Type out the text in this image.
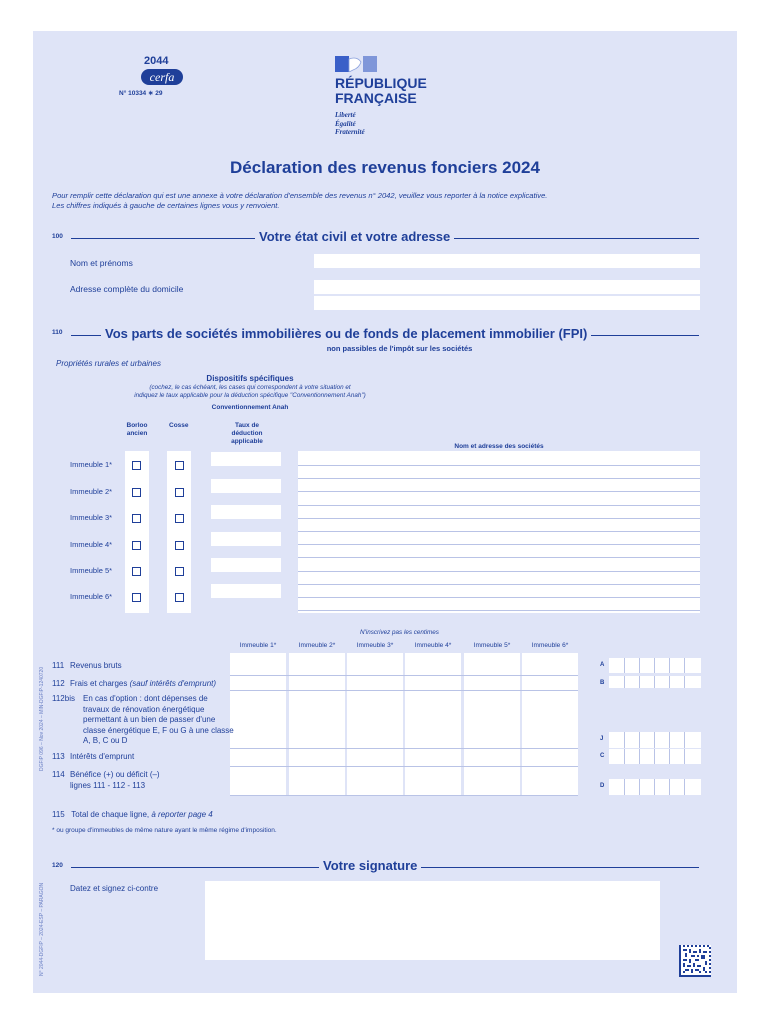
2044
cerfa
N° 10334 ∗ 29
RÉPUBLIQUE
FRANÇAISE
Liberté
Égalité
Fraternité
Déclaration des revenus fonciers 2024
Pour remplir cette déclaration qui est une annexe à votre déclaration d'ensemble des revenus n° 2042, veuillez vous reporter à la notice explicative.
Les chiffres indiqués à gauche de certaines lignes vous y renvoient.
100	Votre état civil et votre adresse
Nom et prénoms
Adresse complète du domicile
110	Vos parts de sociétés immobilières ou de fonds de placement immobilier (FPI)
non passibles de l'impôt sur les sociétés
Propriétés rurales et urbaines
Dispositifs spécifiques
(cochez, le cas échéant, les cases qui correspondent à votre situation et
indiquez le taux applicable pour la déduction spécifique "Conventionnement Anah")
Conventionnement Anah
Borloo
ancien
Cosse	Taux de
déduction
applicable
Nom et adresse des sociétés
Immeuble 1*
Immeuble 2*
Immeuble 3*
Immeuble 4*
Immeuble 5*
Immeuble 6*
N'inscrivez pas les centimes
Immeuble 1*	Immeuble 2*	Immeuble 3*	Immeuble 4*	Immeuble 5*	Immeuble 6*
111 Revenus bruts	A
112 Frais et charges (sauf intérêts d'emprunt)	B
112bis En cas d'option : dont dépenses de
travaux de rénovation énergétique
permettant à un bien de passer d'une
classe énergétique E, F ou G à une classe
A, B, C ou D	J
113 Intérêts d'emprunt	C
114 Bénéfice (+) ou déficit (–)
lignes 111 - 112 - 113	D
115 Total de chaque ligne, à reporter page 4
* ou groupe d'immeubles de même nature ayant le même régime d'imposition.
120	Votre signature
Datez et signez ci-contre
DGFiP 096 – Nov 2024 – MIN-DGFiP-1240720
N° 2044-DGFiP – 2024-ESP – PARAGON
